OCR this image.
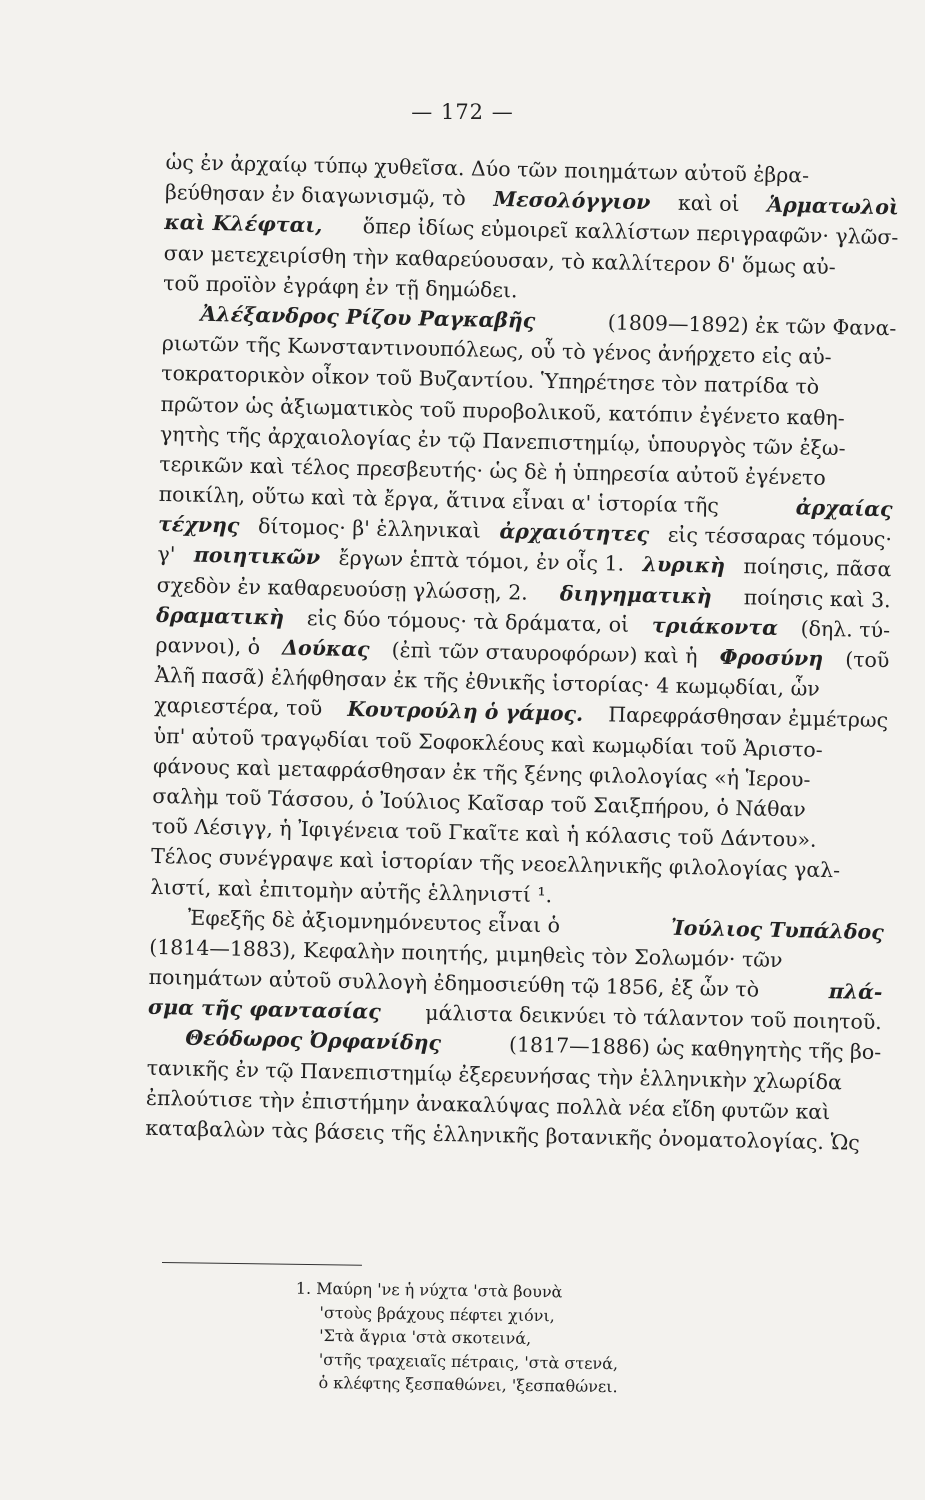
— 172 —
ὡς ἐν ἀρχαίῳ τύπῳ χυθεῖσα. Δύο τῶν ποιημάτων αὐτοῦ ἐβρα-
βεύθησαν ἐν διαγωνισμῷ, τὸ Μεσολόγγιον καὶ οἱ Ἁρματωλοὶ
καὶ Κλέφται, ὅπερ ἰδίως εὐμοιρεῖ καλλίστων περιγραφῶν· γλῶσ-
σαν μετεχειρίσθη τὴν καθαρεύουσαν, τὸ καλλίτερον δ' ὅμως αὐ-
τοῦ προϊὸν ἐγράφη ἐν τῇ δημώδει.
Ἀλέξανδρος Ρίζου Ραγκαβῆς	(1809—1892) ἐκ τῶν Φανα-
ριωτῶν τῆς Κωνσταντινουπόλεως, οὗ τὸ γένος ἀνήρχετο εἰς αὐ-
τοκρατορικὸν οἶκον τοῦ Βυζαντίου. Ὑπηρέτησε τὸν πατρίδα τὸ
πρῶτον ὡς ἀξιωματικὸς τοῦ πυροβολικοῦ, κατόπιν ἐγένετο καθη-
γητὴς τῆς ἀρχαιολογίας ἐν τῷ Πανεπιστημίῳ, ὑπουργὸς τῶν ἐξω-
τερικῶν καὶ τέλος πρεσβευτής· ὡς δὲ ἡ ὑπηρεσία αὐτοῦ ἐγένετο
ποικίλη, οὕτω καὶ τὰ ἔργα, ἅτινα εἶναι α' ἱστορία τῆς	ἀρχαίας
τέχνης δίτομος· β' ἑλληνικαὶ ἀρχαιότητες εἰς τέσσαρας τόμους·
γ' ποιητικῶν ἔργων ἑπτὰ τόμοι, ἐν οἷς 1. λυρικὴ ποίησις, πᾶσα
σχεδὸν ἐν καθαρευούσῃ γλώσσῃ, 2. διηγηματικὴ ποίησις καὶ 3.
δραματικὴ εἰς δύο τόμους· τὰ δράματα, οἱ τριάκοντα (δηλ. τύ-
ραννοι), ὁ Δούκας (ἐπὶ τῶν σταυροφόρων) καὶ ἡ Φροσύνη (τοῦ
Ἀλῆ πασᾶ) ἐλήφθησαν ἐκ τῆς ἐθνικῆς ἱστορίας· 4 κωμῳδίαι, ὧν
χαριεστέρα, τοῦ Κουτρούλη ὁ γάμος. Παρεφράσθησαν ἐμμέτρως
ὑπ' αὐτοῦ τραγῳδίαι τοῦ Σοφοκλέους καὶ κωμῳδίαι τοῦ Ἀριστο-
φάνους καὶ μεταφράσθησαν ἐκ τῆς ξένης φιλολογίας «ἡ Ἱερου-
σαλὴμ τοῦ Τάσσου, ὁ Ἰούλιος Καῖσαρ τοῦ Σαιξπήρου, ὁ Νάθαν
τοῦ Λέσιγγ, ἡ Ἰφιγένεια τοῦ Γκαῖτε καὶ ἡ κόλασις τοῦ Δάντου».
Τέλος συνέγραψε καὶ ἱστορίαν τῆς νεοελληνικῆς φιλολογίας γαλ-
λιστί, καὶ ἐπιτομὴν αὐτῆς ἑλληνιστί ¹.
Ἐφεξῆς δὲ ἀξιομνημόνευτος εἶναι ὁ	Ἰούλιος Τυπάλδος
(1814—1883), Κεφαλὴν ποιητής, μιμηθεὶς τὸν Σολωμόν· τῶν
ποιημάτων αὐτοῦ συλλογὴ ἐδημοσιεύθη τῷ 1856, ἐξ ὧν τὸ	πλά-
σμα τῆς φαντασίας μάλιστα δεικνύει τὸ τάλαντον τοῦ ποιητοῦ.
Θεόδωρος Ὀρφανίδης	(1817—1886) ὡς καθηγητὴς τῆς βο-
τανικῆς ἐν τῷ Πανεπιστημίῳ ἐξερευνήσας τὴν ἑλληνικὴν χλωρίδα
ἐπλούτισε τὴν ἐπιστήμην ἀνακαλύψας πολλὰ νέα εἴδη φυτῶν καὶ
καταβαλὼν τὰς βάσεις τῆς ἑλληνικῆς βοτανικῆς ὀνοματολογίας. Ὡς
1. Μαύρη 'νε ἡ νύχτα 'στὰ βουνὰ
'στοὺς βράχους πέφτει χιόνι,
'Στὰ ἄγρια 'στὰ σκοτεινά,
'στῆς τραχειαῖς πέτραις, 'στὰ στενά,
ὁ κλέφτης ξεσπαθώνει, 'ξεσπαθώνει.
